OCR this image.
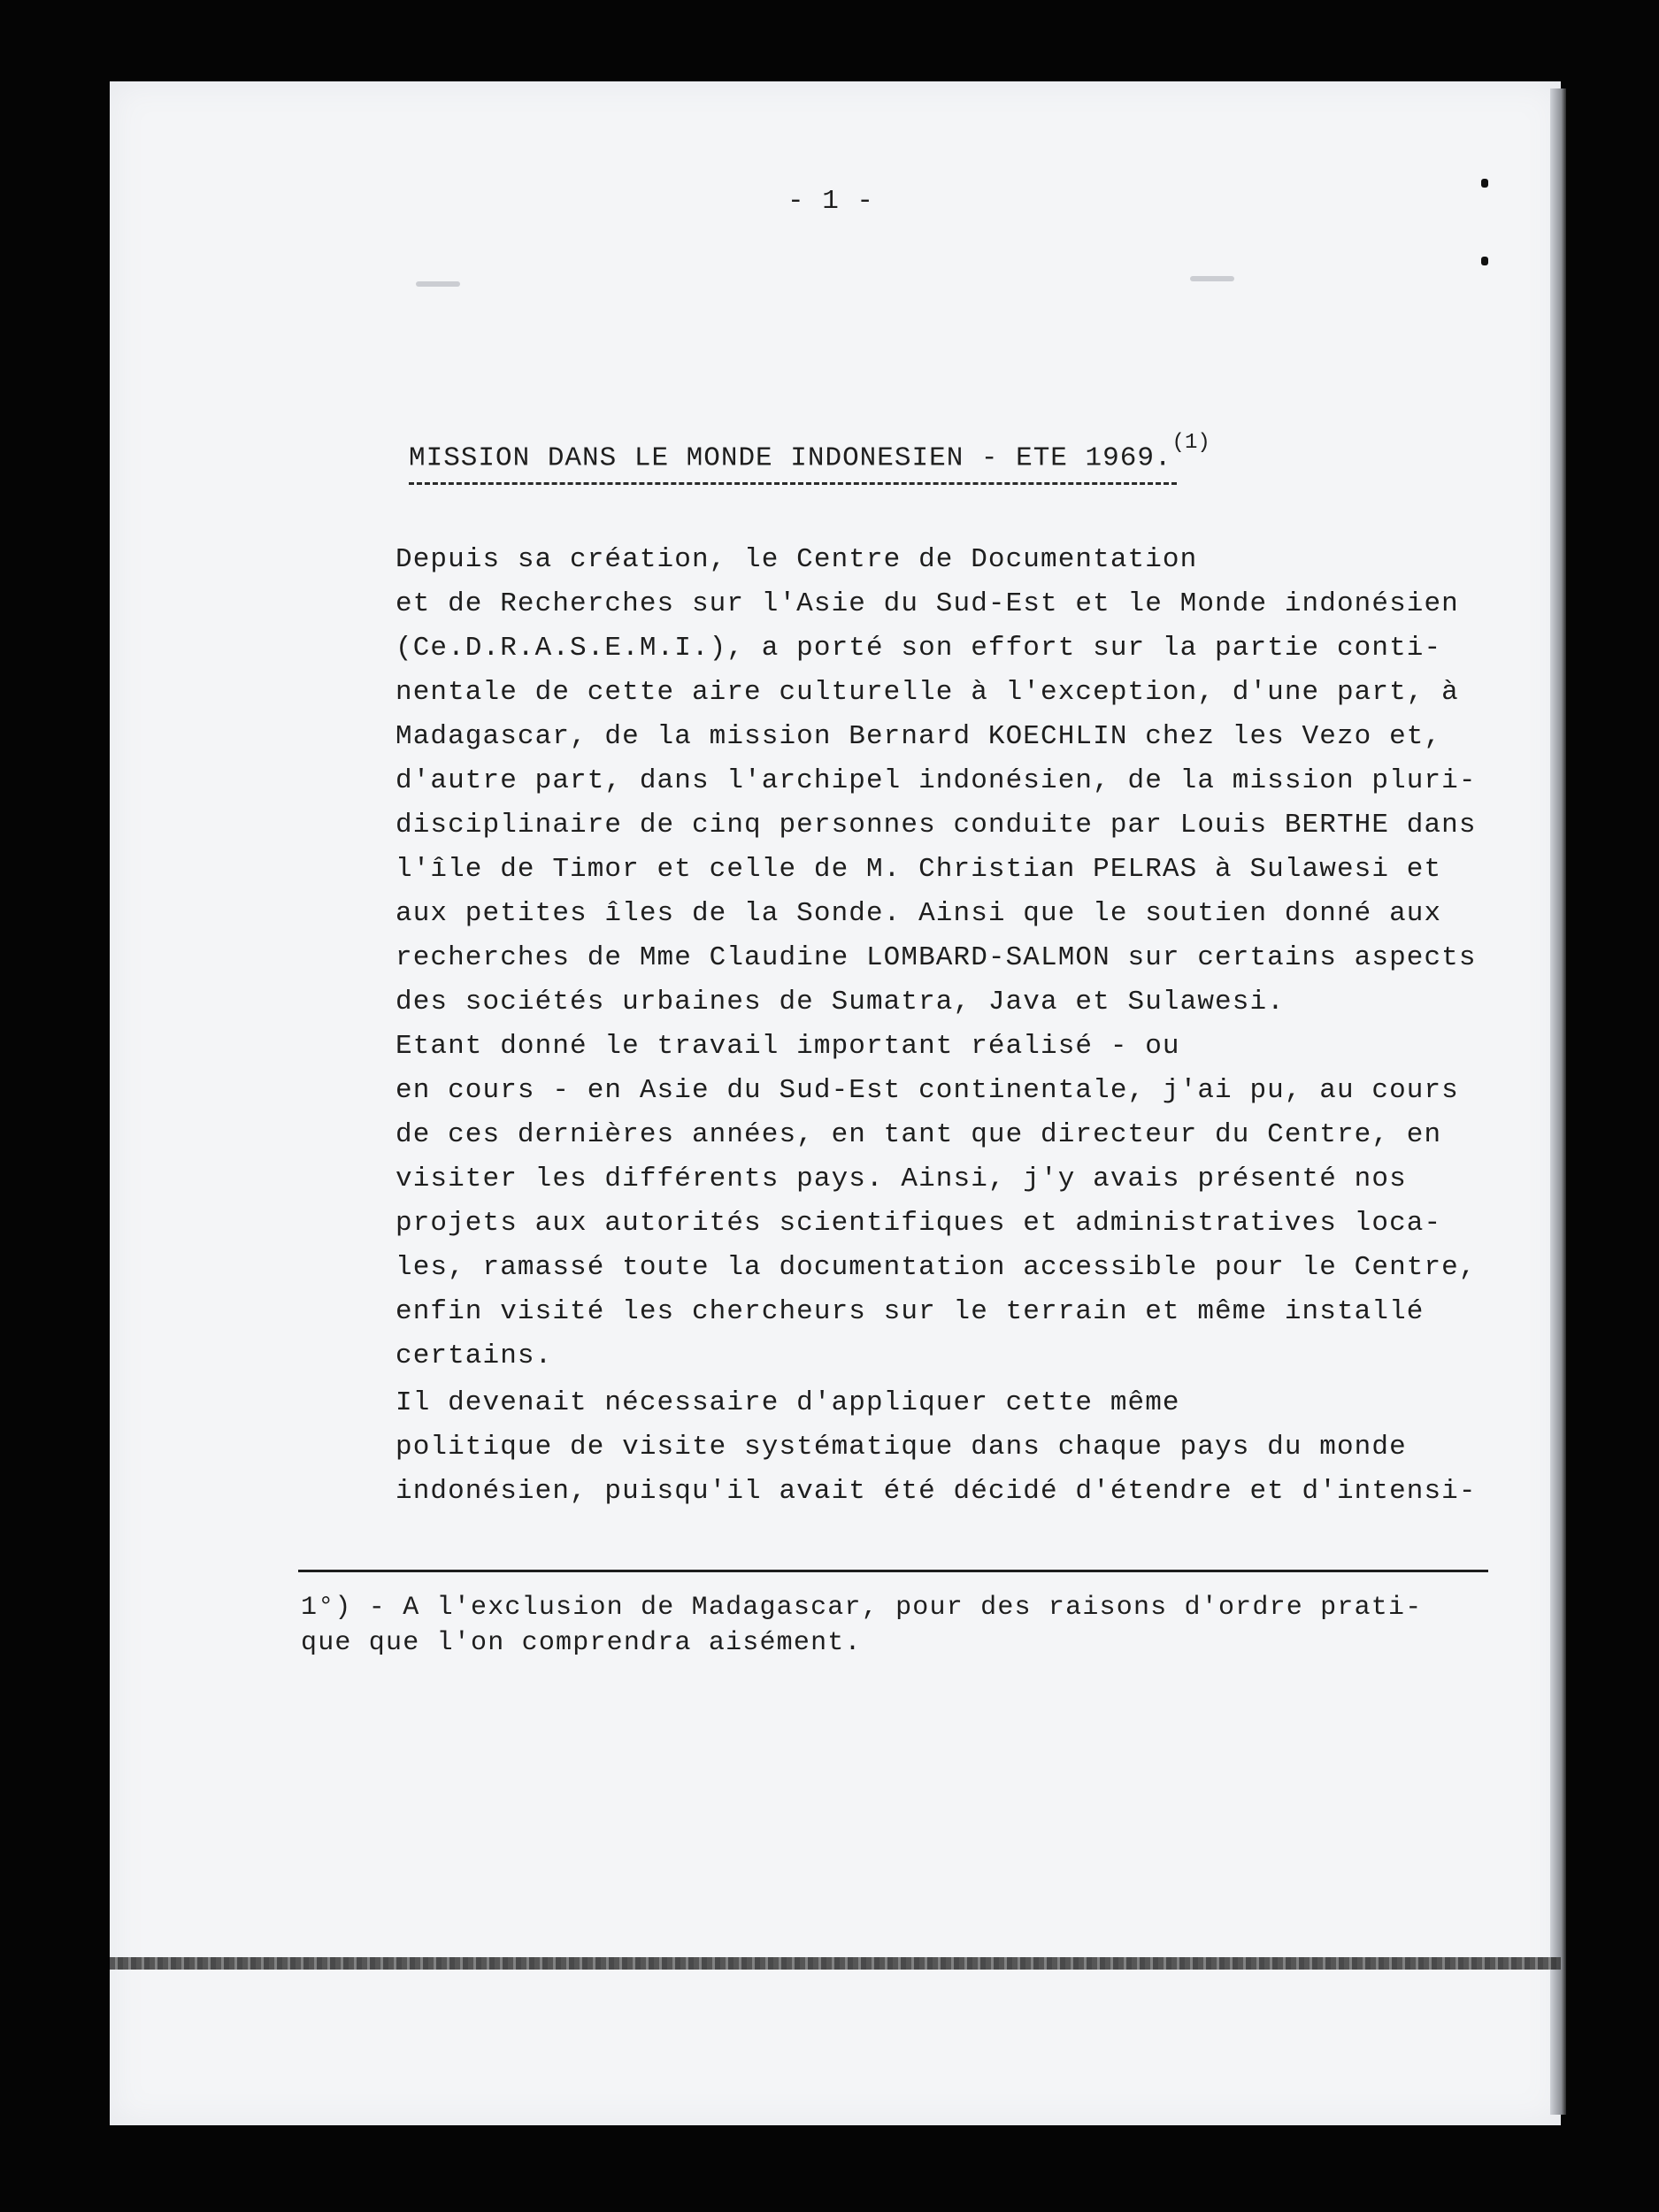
- 1 -
MISSION DANS LE MONDE INDONESIEN - ETE 1969.$^{(1)}$
Depuis sa création, le Centre de Documentation
et de Recherches sur l'Asie du Sud-Est et le Monde indonésien
(Ce.D.R.A.S.E.M.I.), a porté son effort sur la partie conti-
nentale de cette aire culturelle à l'exception, d'une part, à
Madagascar, de la mission Bernard KOECHLIN chez les Vezo et,
d'autre part, dans l'archipel indonésien, de la mission pluri-
disciplinaire de cinq personnes conduite par Louis BERTHE dans
l'île de Timor et celle de M. Christian PELRAS à Sulawesi et
aux petites îles de la Sonde. Ainsi que le soutien donné aux
recherches de Mme Claudine LOMBARD-SALMON sur certains aspects
des sociétés urbaines de Sumatra, Java et Sulawesi.
Etant donné le travail important réalisé - ou
en cours - en Asie du Sud-Est continentale, j'ai pu, au cours
de ces dernières années, en tant que directeur du Centre, en
visiter les différents pays. Ainsi, j'y avais présenté nos
projets aux autorités scientifiques et administratives loca-
les, ramassé toute la documentation accessible pour le Centre,
enfin visité les chercheurs sur le terrain et même installé
certains.
Il devenait nécessaire d'appliquer cette même
politique de visite systématique dans chaque pays du monde
indonésien, puisqu'il avait été décidé d'étendre et d'intensi-
1°) - A l'exclusion de Madagascar, pour des raisons d'ordre prati-
que que l'on comprendra aisément.
